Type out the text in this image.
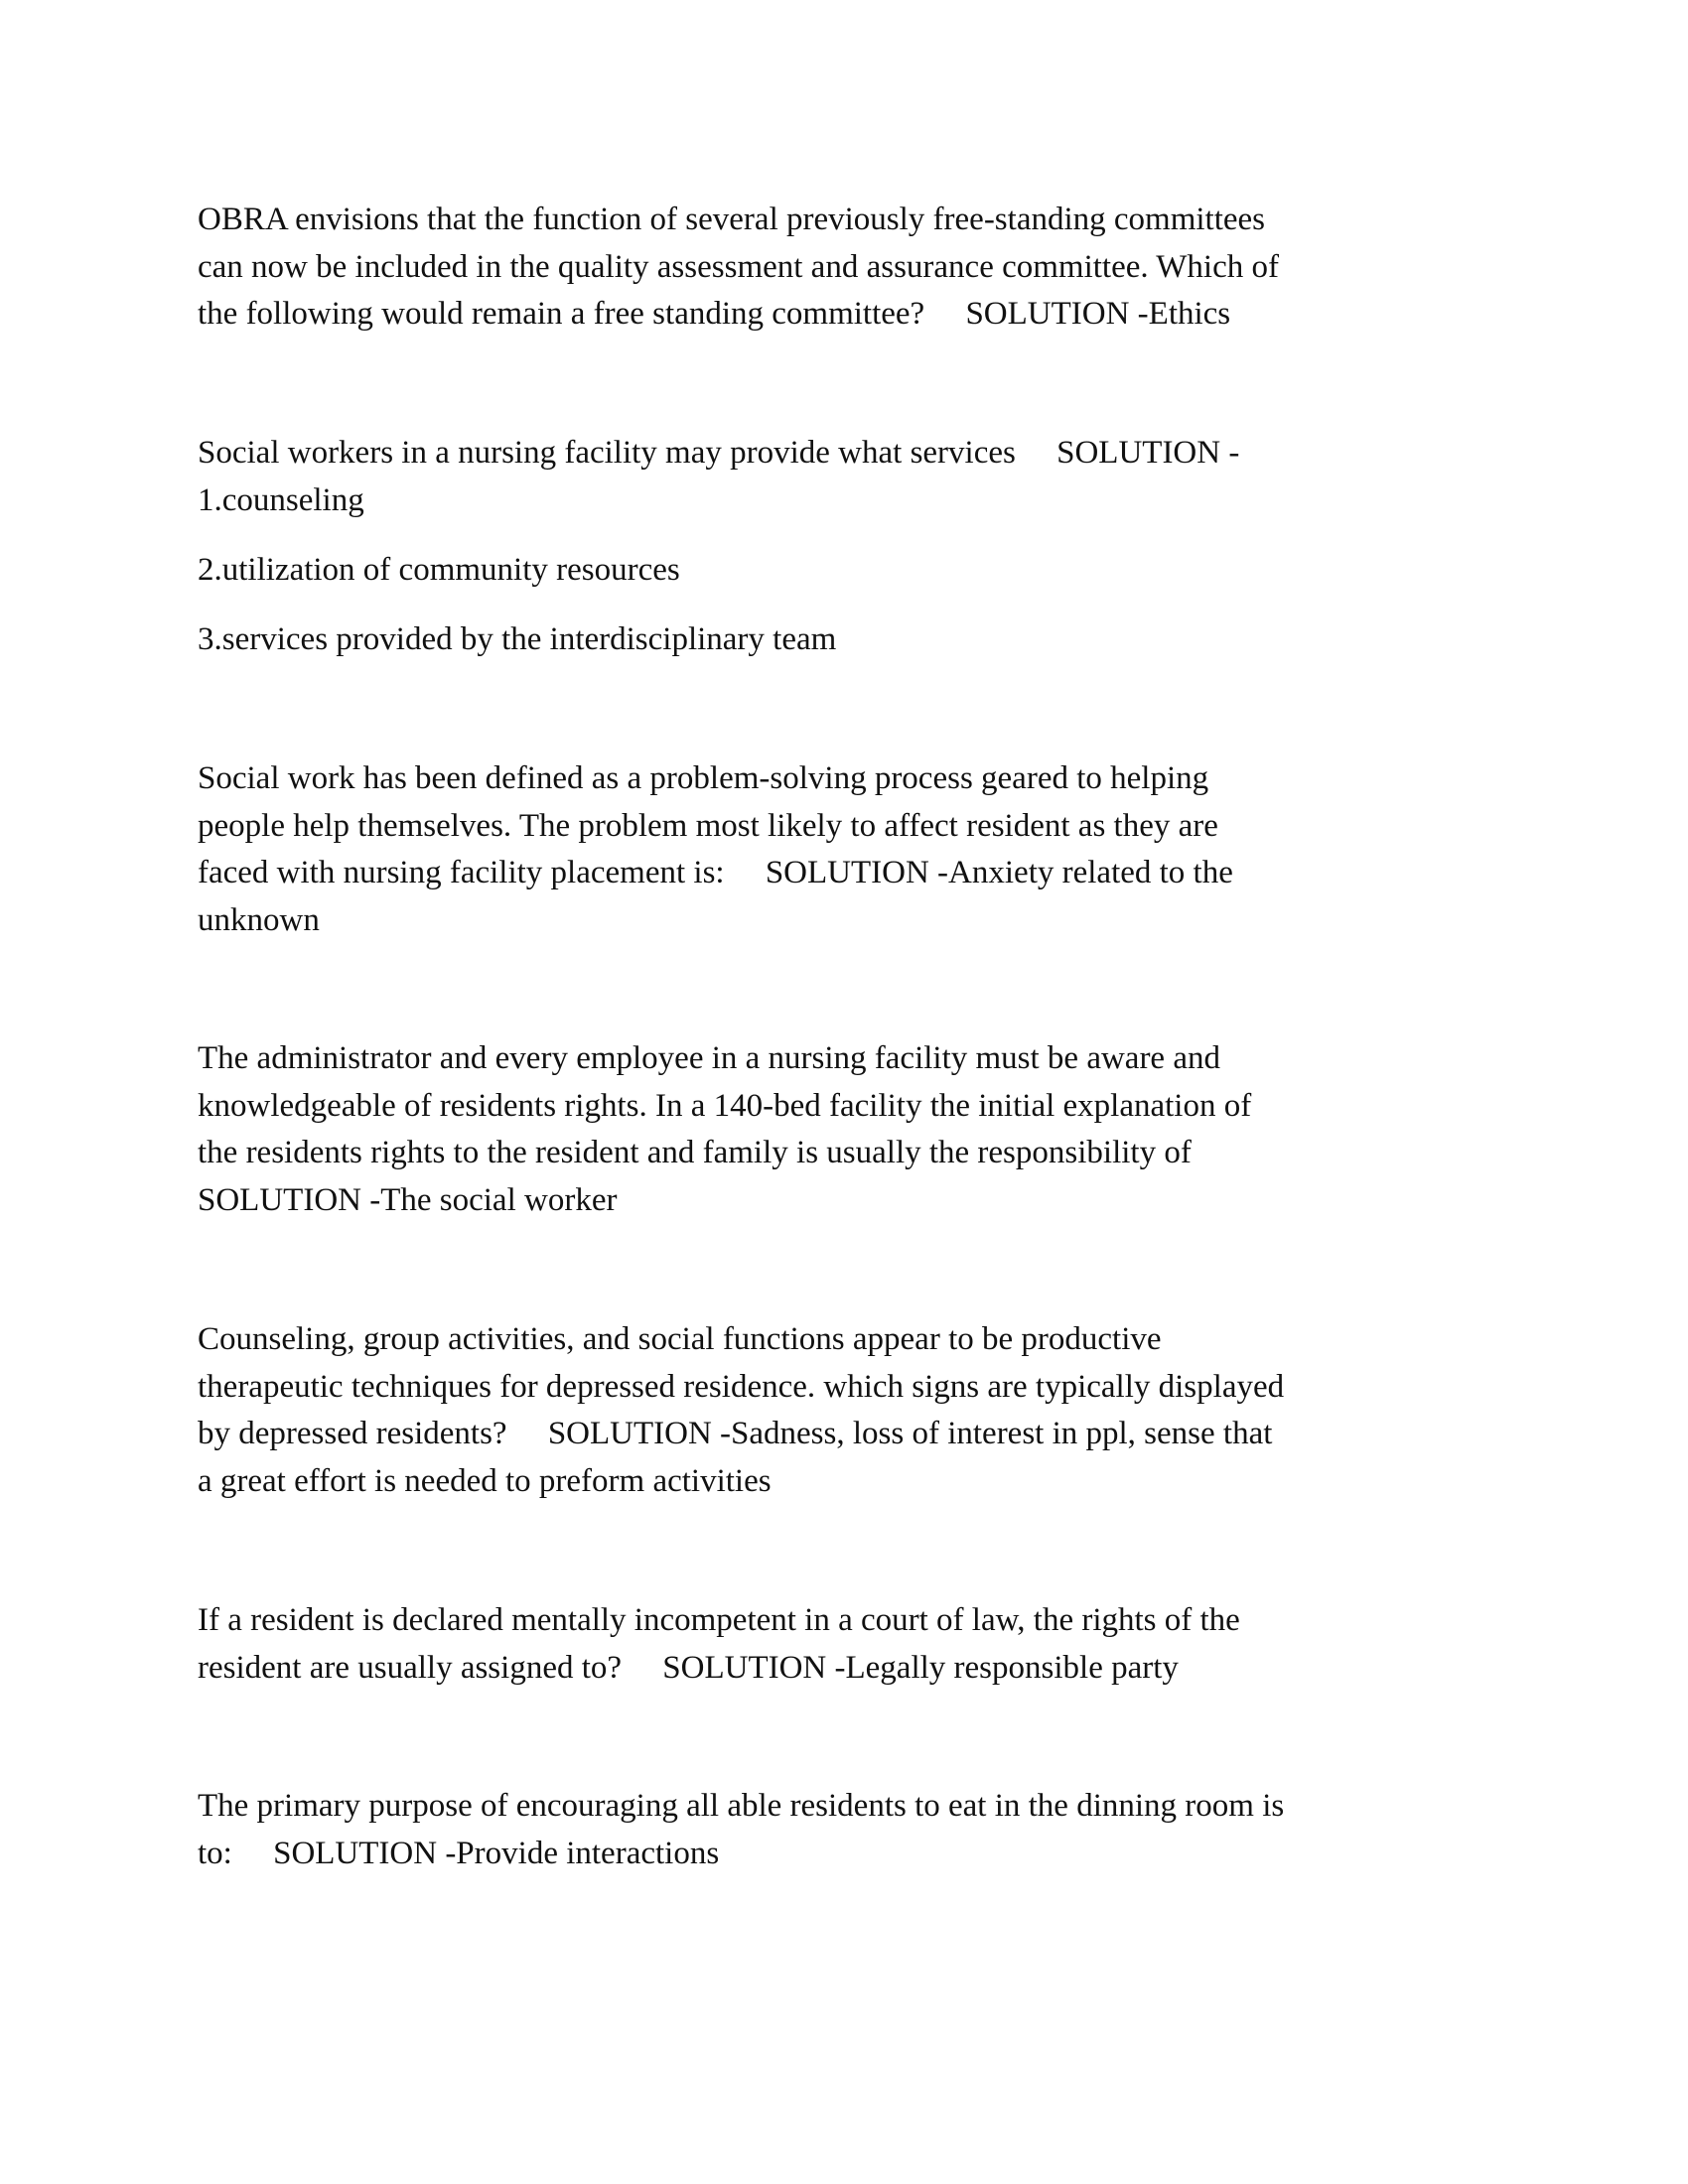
OBRA envisions that the function of several previously free-standing committees
can now be included in the quality assessment and assurance committee. Which of
the following would remain a free standing committee?     SOLUTION -Ethics
Social workers in a nursing facility may provide what services     SOLUTION -
1.counseling
2.utilization of community resources
3.services provided by the interdisciplinary team
Social work has been defined as a problem-solving process geared to helping
people help themselves. The problem most likely to affect resident as they are
faced with nursing facility placement is:     SOLUTION -Anxiety related to the
unknown
The administrator and every employee in a nursing facility must be aware and
knowledgeable of residents rights. In a 140-bed facility the initial explanation of
the residents rights to the resident and family is usually the responsibility of
SOLUTION -The social worker
Counseling, group activities, and social functions appear to be productive
therapeutic techniques for depressed residence. which signs are typically displayed
by depressed residents?     SOLUTION -Sadness, loss of interest in ppl, sense that
a great effort is needed to preform activities
If a resident is declared mentally incompetent in a court of law, the rights of the
resident are usually assigned to?     SOLUTION -Legally responsible party
The primary purpose of encouraging all able residents to eat in the dinning room is
to:     SOLUTION -Provide interactions
